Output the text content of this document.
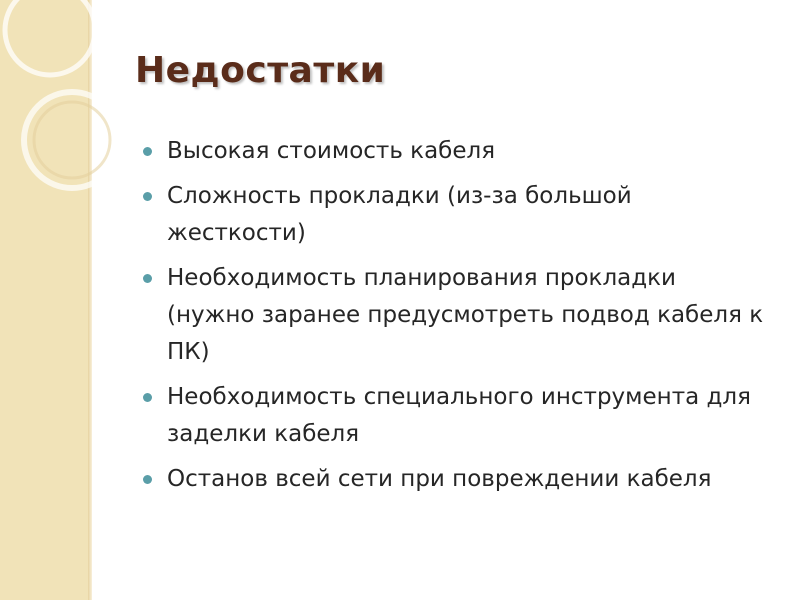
Недостатки
Высокая стоимость кабеля
Сложность прокладки (из-за большой жесткости)
Необходимость планирования прокладки (нужно заранее предусмотреть подвод кабеля к ПК)
Необходимость специального инструмента для заделки кабеля
Останов всей сети при повреждении кабеля
